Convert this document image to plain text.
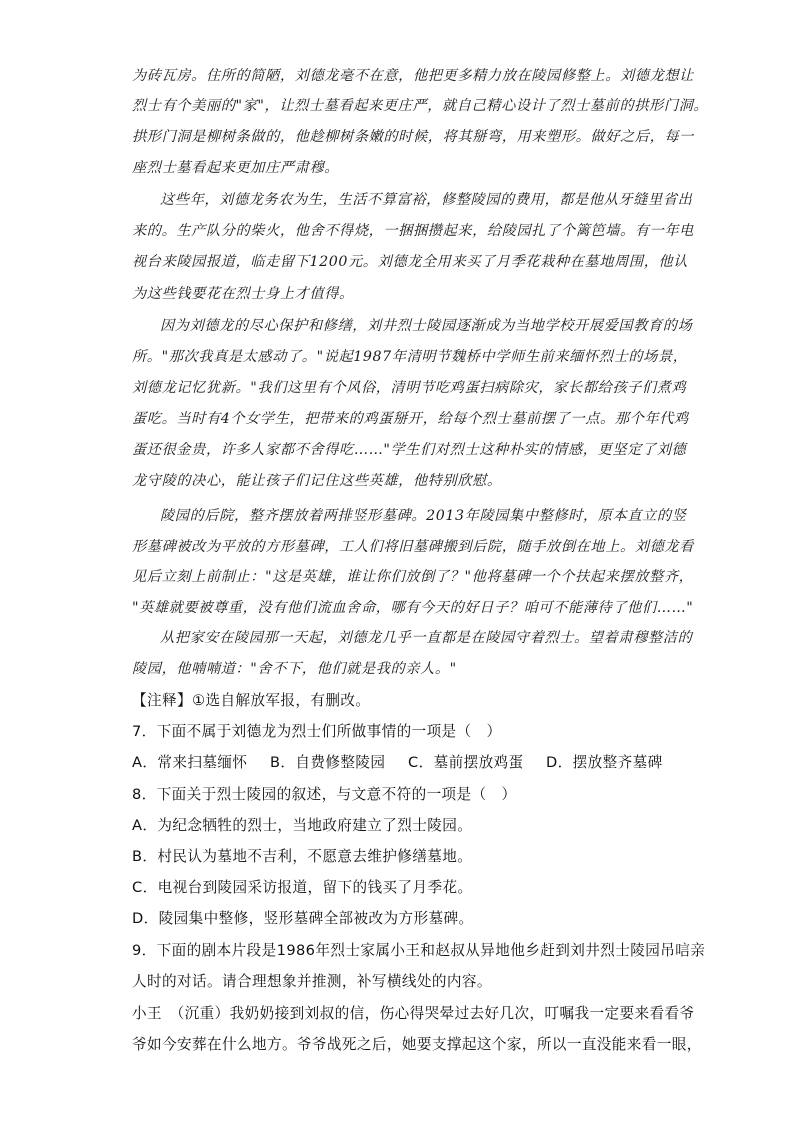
为砖瓦房。住所的简陋，刘德龙毫不在意，他把更多精力放在陵园修整上。刘德龙想让
烈士有个美丽的"家"，让烈士墓看起来更庄严，就自己精心设计了烈士墓前的拱形门洞。
拱形门洞是柳树条做的，他趁柳树条嫩的时候，将其掰弯，用来塑形。做好之后，每一
座烈士墓看起来更加庄严肃穆。
这些年，刘德龙务农为生，生活不算富裕，修整陵园的费用，都是他从牙缝里省出
来的。生产队分的柴火，他舍不得烧，一捆捆攒起来，给陵园扎了个篱笆墙。有一年电
视台来陵园报道，临走留下1200元。刘德龙全用来买了月季花栽种在墓地周围，他认
为这些钱要花在烈士身上才值得。
因为刘德龙的尽心保护和修缮，刘井烈士陵园逐渐成为当地学校开展爱国教育的场
所。"那次我真是太感动了。"说起1987年清明节魏桥中学师生前来缅怀烈士的场景，
刘德龙记忆犹新。"我们这里有个风俗，清明节吃鸡蛋扫病除灾，家长都给孩子们煮鸡
蛋吃。当时有4个女学生，把带来的鸡蛋掰开，给每个烈士墓前摆了一点。那个年代鸡
蛋还很金贵，许多人家都不舍得吃……"学生们对烈士这种朴实的情感，更坚定了刘德
龙守陵的决心，能让孩子们记住这些英雄，他特别欣慰。
陵园的后院，整齐摆放着两排竖形墓碑。2013年陵园集中整修时，原本直立的竖
形墓碑被改为平放的方形墓碑，工人们将旧墓碑搬到后院，随手放倒在地上。刘德龙看
见后立刻上前制止："这是英雄，谁让你们放倒了？"他将墓碑一个个扶起来摆放整齐，
"英雄就要被尊重，没有他们流血舍命，哪有今天的好日子？咱可不能薄待了他们……"
从把家安在陵园那一天起，刘德龙几乎一直都是在陵园守着烈士。望着肃穆整洁的
陵园，他喃喃道："舍不下，他们就是我的亲人。"
【注释】①选自解放军报，有删改。
7．下面不属于刘德龙为烈士们所做事情的一项是（　）
A．常来扫墓缅怀 B．自费修整陵园 C．墓前摆放鸡蛋 D．摆放整齐墓碑
8．下面关于烈士陵园的叙述，与文意不符的一项是（　）
A．为纪念牺牲的烈士，当地政府建立了烈士陵园。
B．村民认为墓地不吉利，不愿意去维护修缮墓地。
C．电视台到陵园采访报道，留下的钱买了月季花。
D．陵园集中整修，竖形墓碑全部被改为方形墓碑。
9．下面的剧本片段是1986年烈士家属小王和赵叔从异地他乡赶到刘井烈士陵园吊唁亲
人时的对话。请合理想象并推测，补写横线处的内容。
小王　（沉重）我奶奶接到刘叔的信，伤心得哭晕过去好几次，叮嘱我一定要来看看爷
爷如今安葬在什么地方。爷爷战死之后，她要支撑起这个家，所以一直没能来看一眼，
